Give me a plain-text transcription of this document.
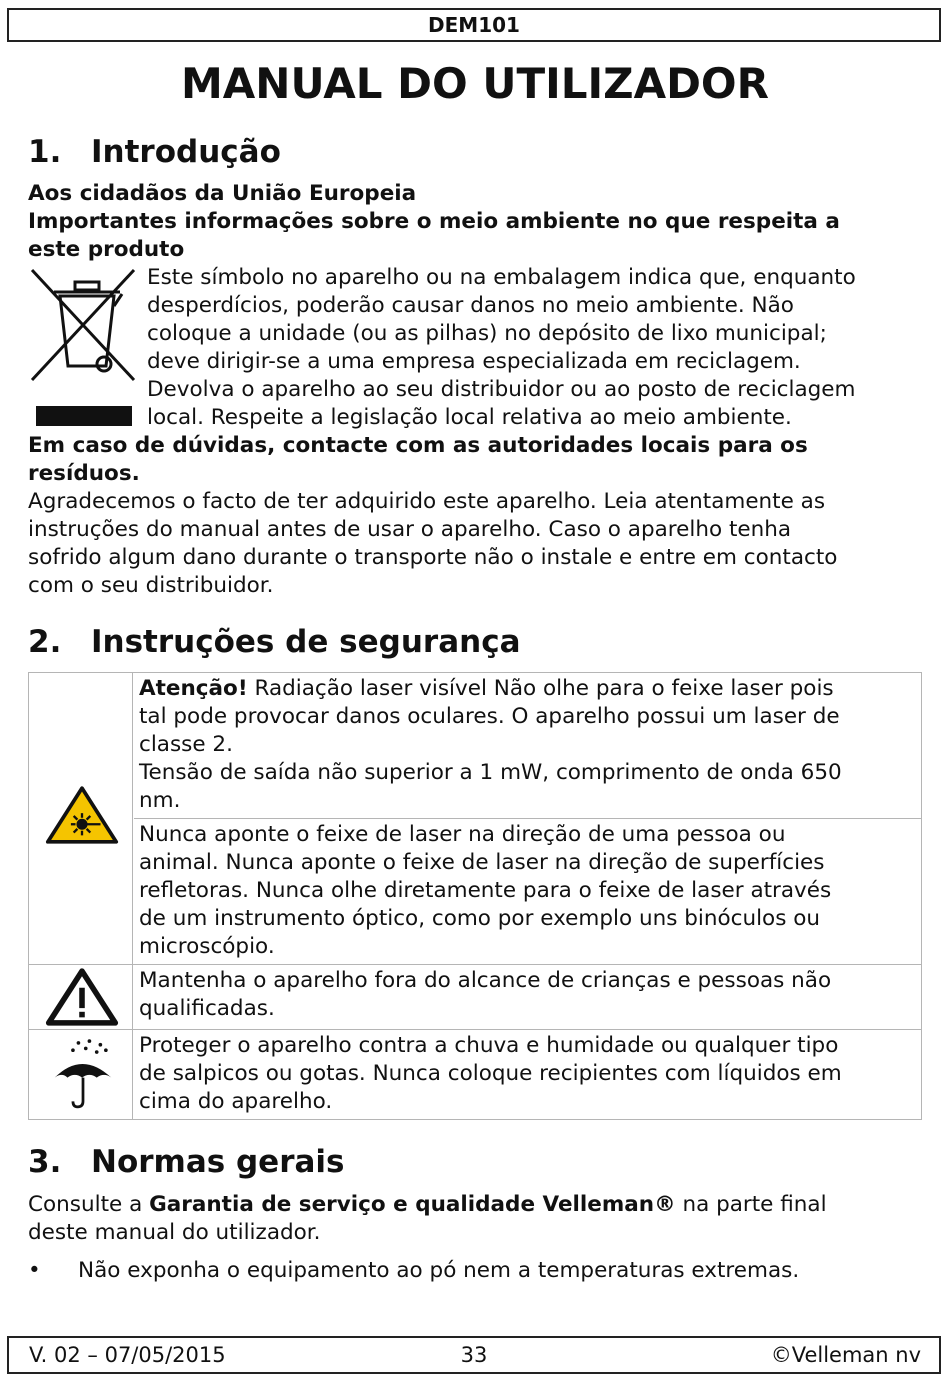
DEM101
MANUAL DO UTILIZADOR
1. Introdução

Aos cidadãos da União Europeia

Importantes informações sobre o meio ambiente no que respeita a

este produto

Este símbolo no aparelho ou na embalagem indica que, enquanto
desperdícios, poderão causar danos no meio ambiente. Não
coloque a unidade (ou as pilhas) no depósito de lixo municipal;
deve dirigir-se a uma empresa especializada em reciclagem.
Devolva o aparelho ao seu distribuidor ou ao posto de reciclagem
local. Respeite a legislação local relativa ao meio ambiente.

Em caso de dúvidas, contacte com as autoridades locais para os

resíduos.

Agradecemos o facto de ter adquirido este aparelho. Leia atentamente as

instruções do manual antes de usar o aparelho. Caso o aparelho tenha

sofrido algum dano durante o transporte não o instale e entre em contacto

com o seu distribuidor.

2. Instruções de segurança
Atenção! Radiação laser visível Não olhe para o feixe laser pois
tal pode provocar danos oculares. O aparelho possui um laser de
classe 2.
Tensão de saída não superior a 1 mW, comprimento de onda 650
nm.
Nunca aponte o feixe de laser na direção de uma pessoa ou
animal. Nunca aponte o feixe de laser na direção de superfícies
refletoras. Nunca olhe diretamente para o feixe de laser através
de um instrumento óptico, como por exemplo uns binóculos ou
microscópio.
Mantenha o aparelho fora do alcance de crianças e pessoas não
qualificadas.
Proteger o aparelho contra a chuva e humidade ou qualquer tipo
de salpicos ou gotas. Nunca coloque recipientes com líquidos em
cima do aparelho.
3. Normas gerais

Consulte a Garantia de serviço e qualidade Velleman® na parte final

deste manual do utilizador.

• Não exponha o equipamento ao pó nem a temperaturas extremas.
V. 02 – 07/05/2015	33	©Velleman nv
